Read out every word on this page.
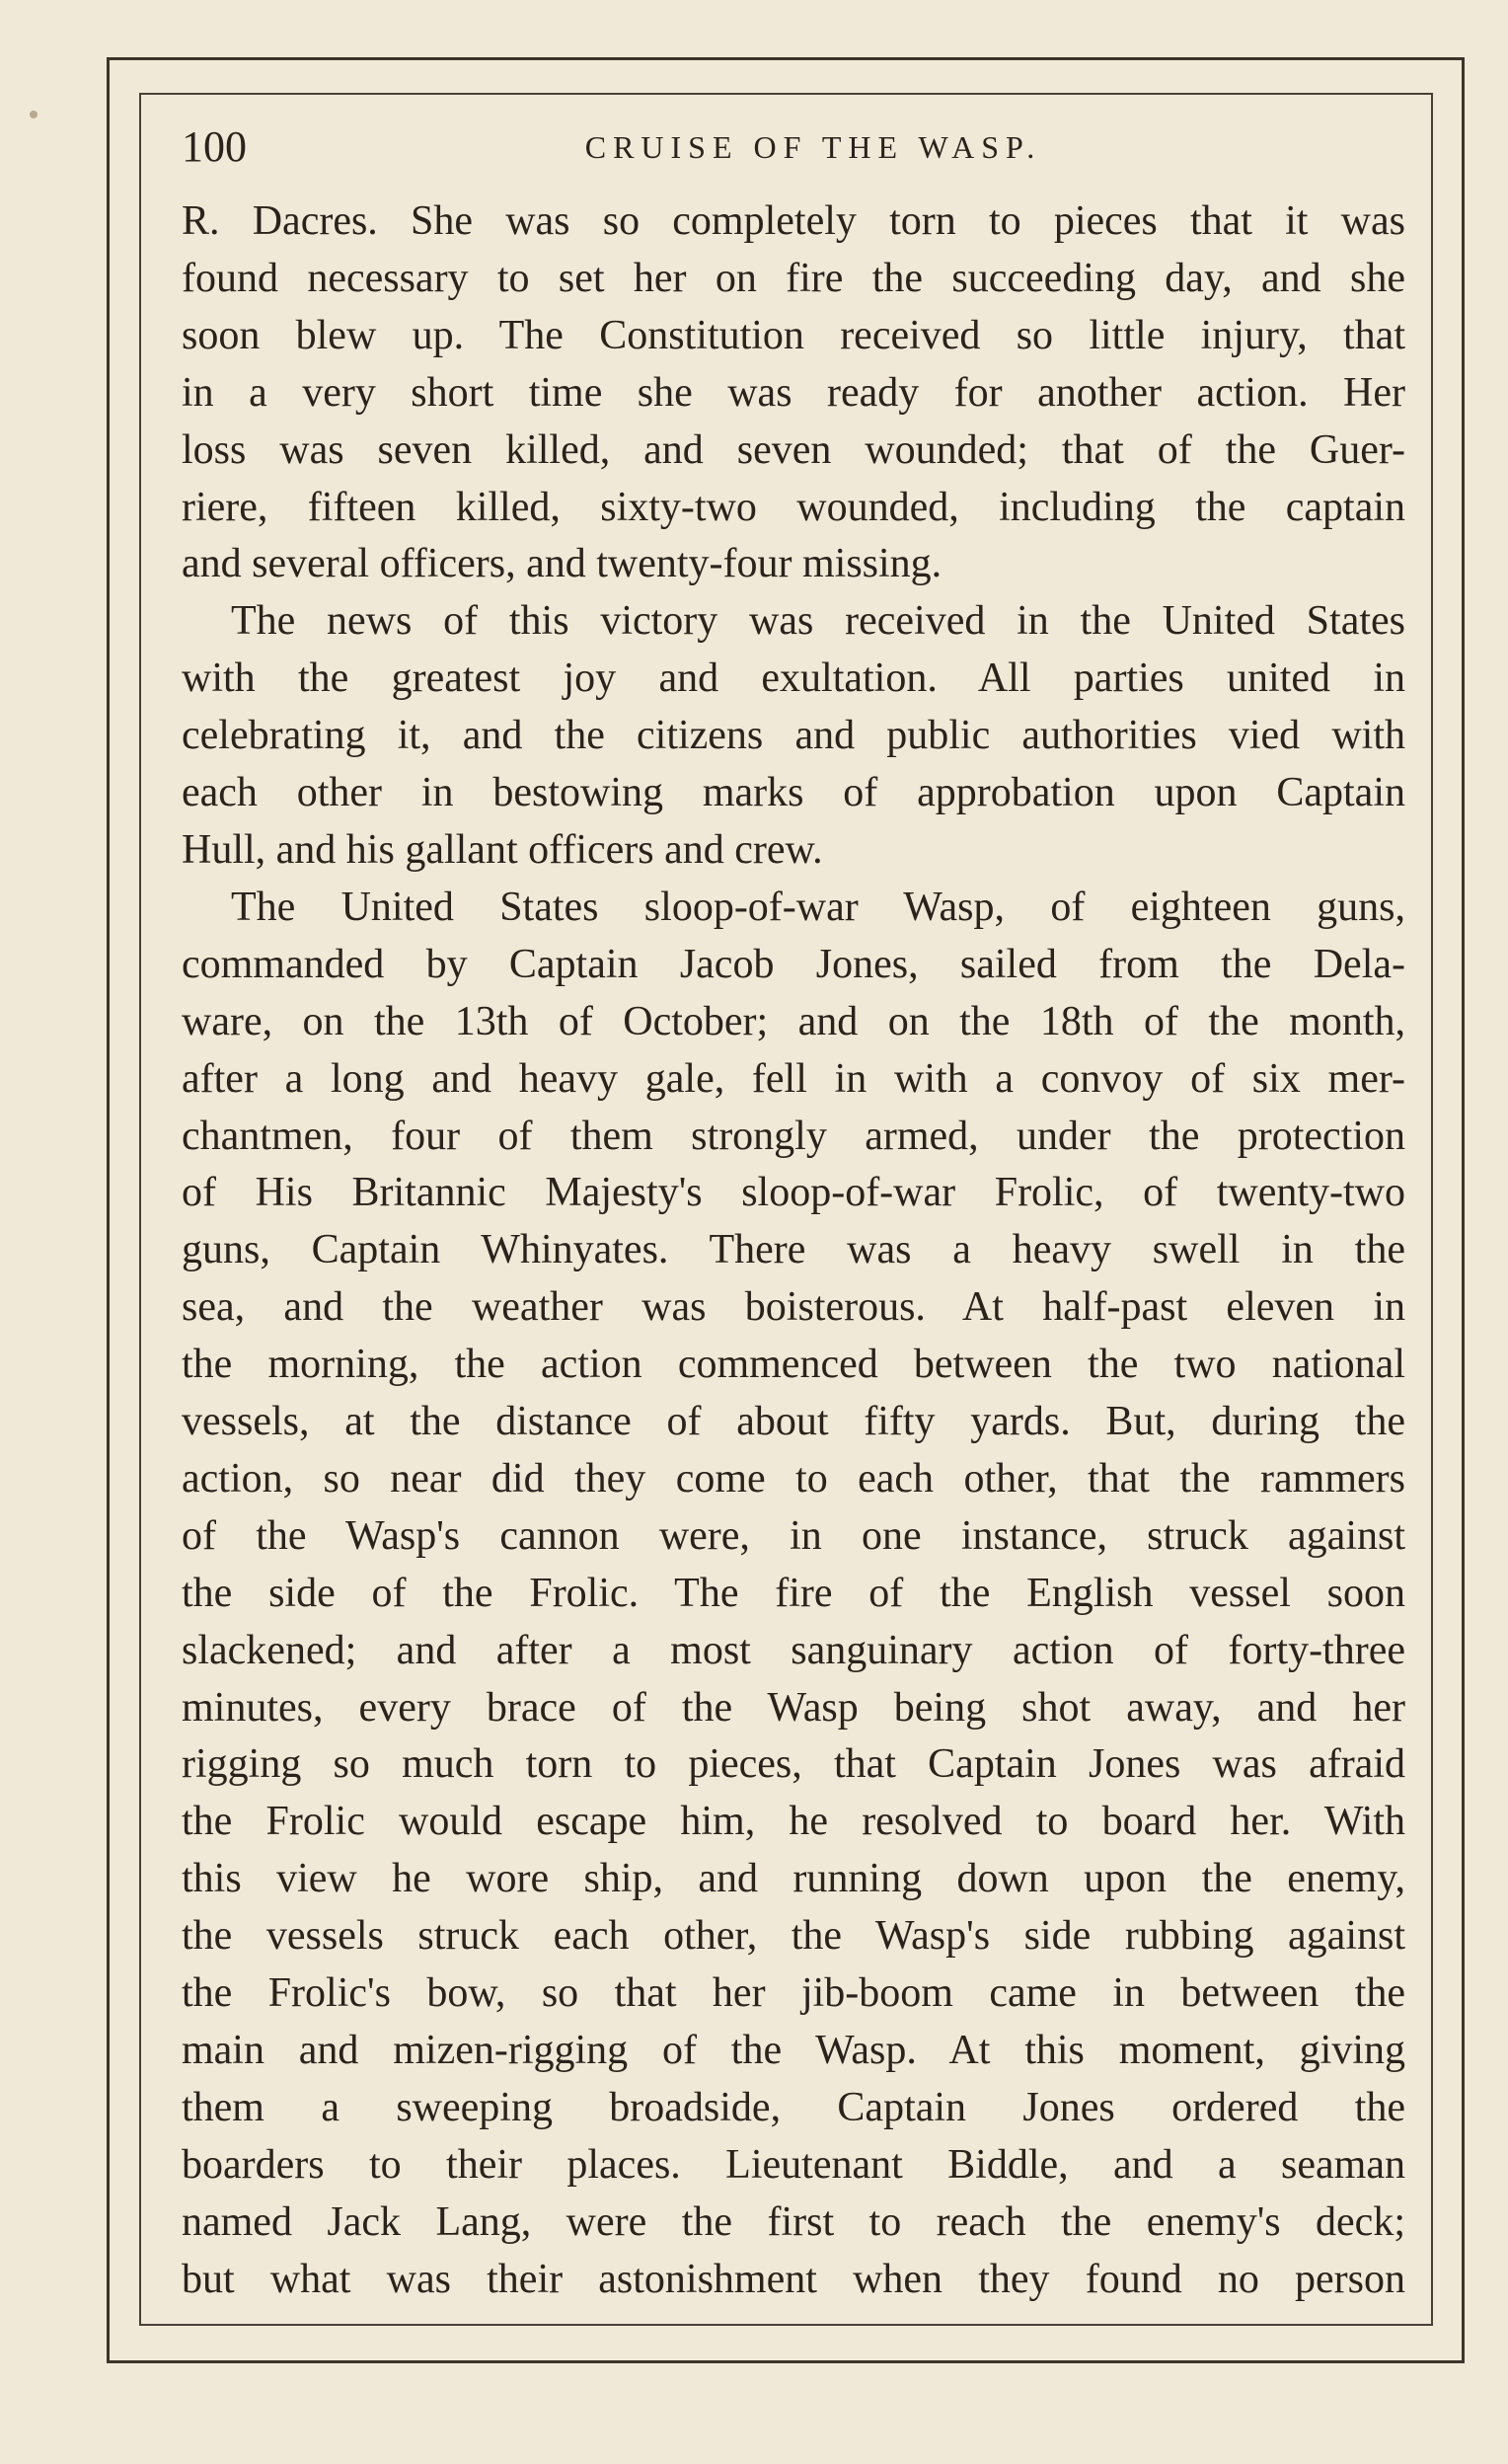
100	CRUISE OF THE WASP.
R. Dacres. She was so completely torn to pieces that it was
found necessary to set her on fire the succeeding day, and she
soon blew up. The Constitution received so little injury, that
in a very short time she was ready for another action. Her
loss was seven killed, and seven wounded; that of the Guer-
riere, fifteen killed, sixty-two wounded, including the captain
and several officers, and twenty-four missing.
The news of this victory was received in the United States
with the greatest joy and exultation. All parties united in
celebrating it, and the citizens and public authorities vied with
each other in bestowing marks of approbation upon Captain
Hull, and his gallant officers and crew.
The United States sloop-of-war Wasp, of eighteen guns,
commanded by Captain Jacob Jones, sailed from the Dela-
ware, on the 13th of October; and on the 18th of the month,
after a long and heavy gale, fell in with a convoy of six mer-
chantmen, four of them strongly armed, under the protection
of His Britannic Majesty's sloop-of-war Frolic, of twenty-two
guns, Captain Whinyates. There was a heavy swell in the
sea, and the weather was boisterous. At half-past eleven in
the morning, the action commenced between the two national
vessels, at the distance of about fifty yards. But, during the
action, so near did they come to each other, that the rammers
of the Wasp's cannon were, in one instance, struck against
the side of the Frolic. The fire of the English vessel soon
slackened; and after a most sanguinary action of forty-three
minutes, every brace of the Wasp being shot away, and her
rigging so much torn to pieces, that Captain Jones was afraid
the Frolic would escape him, he resolved to board her. With
this view he wore ship, and running down upon the enemy,
the vessels struck each other, the Wasp's side rubbing against
the Frolic's bow, so that her jib-boom came in between the
main and mizen-rigging of the Wasp. At this moment, giving
them a sweeping broadside, Captain Jones ordered the
boarders to their places. Lieutenant Biddle, and a seaman
named Jack Lang, were the first to reach the enemy's deck;
but what was their astonishment when they found no person
